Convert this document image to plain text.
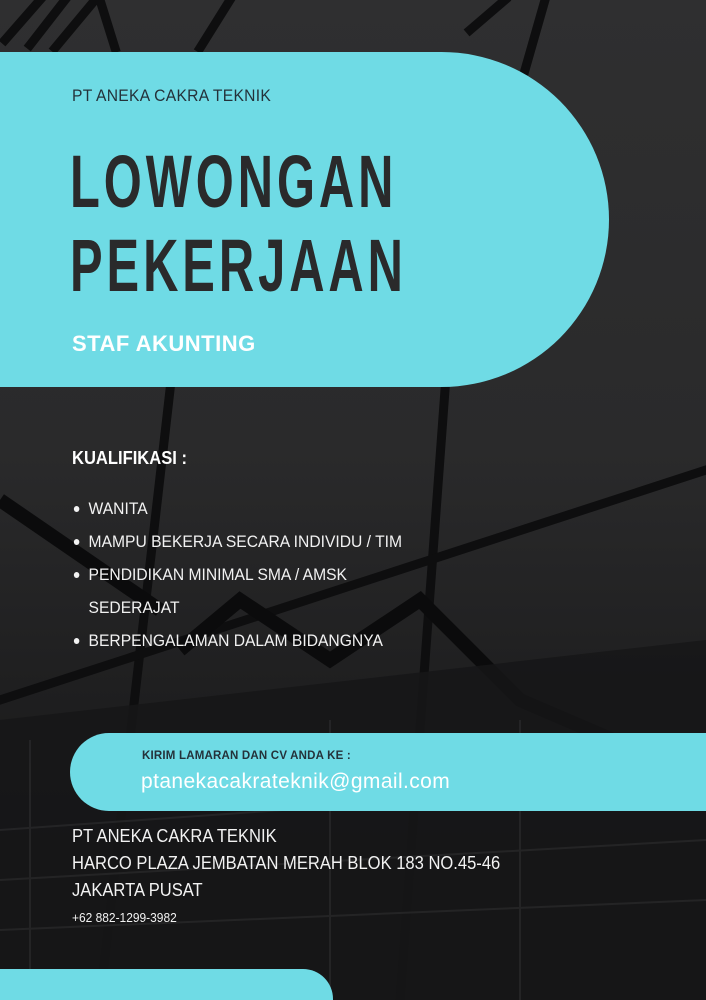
PT ANEKA CAKRA TEKNIK
LOWONGAN
PEKERJAAN
STAF AKUNTING
KUALIFIKASI :
WANITA
MAMPU BEKERJA SECARA INDIVIDU / TIM
PENDIDIKAN MINIMAL SMA / AMSK
SEDERAJAT
BERPENGALAMAN DALAM BIDANGNYA
KIRIM LAMARAN DAN CV ANDA KE :
ptanekacakrateknik@gmail.com
PT ANEKA CAKRA TEKNIK
HARCO PLAZA JEMBATAN MERAH BLOK 183 NO.45-46
JAKARTA PUSAT
+62 882-1299-3982
